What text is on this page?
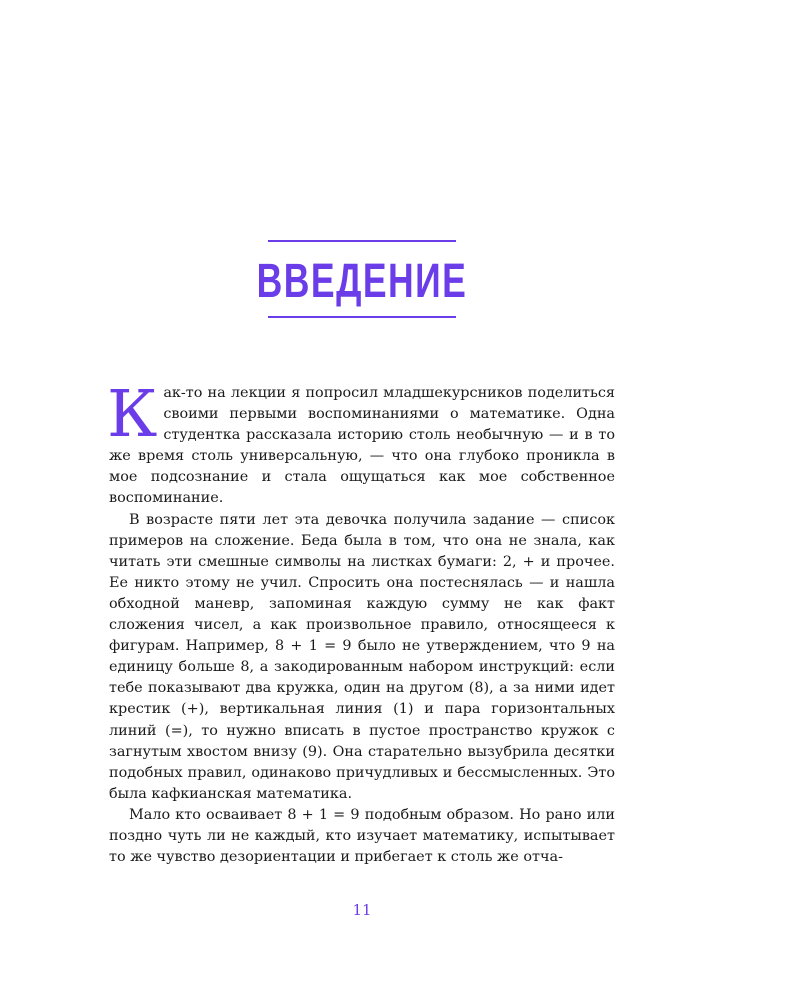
ВВЕДЕНИЕ

Как-то на лекции я попросил младшекурсников поделиться своими первыми воспоминаниями о математике. Одна студентка рассказала историю столь необычную — и в то же время столь универсальную, — что она глубоко проникла в мое подсознание и стала ощущаться как мое собственное воспоминание.

В возрасте пяти лет эта девочка получила задание — список примеров на сложение. Беда была в том, что она не знала, как читать эти смешные символы на листках бумаги: 2, + и прочее. Ее никто этому не учил. Спросить она постеснялась — и нашла обходной маневр, запоминая каждую сумму не как факт сложения чисел, а как произвольное правило, относящееся к фигурам. Например, 8 + 1 = 9 было не утверждением, что 9 на единицу больше 8, а закодированным набором инструкций: если тебе показывают два кружка, один на другом (8), а за ними идет крестик (+), вертикальная линия (1) и пара горизонтальных линий (=), то нужно вписать в пустое пространство кружок с загнутым хвостом внизу (9). Она старательно вызубрила десятки подобных правил, одинаково причудливых и бессмысленных. Это была кафкианская математика.

Мало кто осваивает 8 + 1 = 9 подобным образом. Но рано или поздно чуть ли не каждый, кто изучает математику, испытывает то же чувство дезориентации и прибегает к столь же отча-

11
